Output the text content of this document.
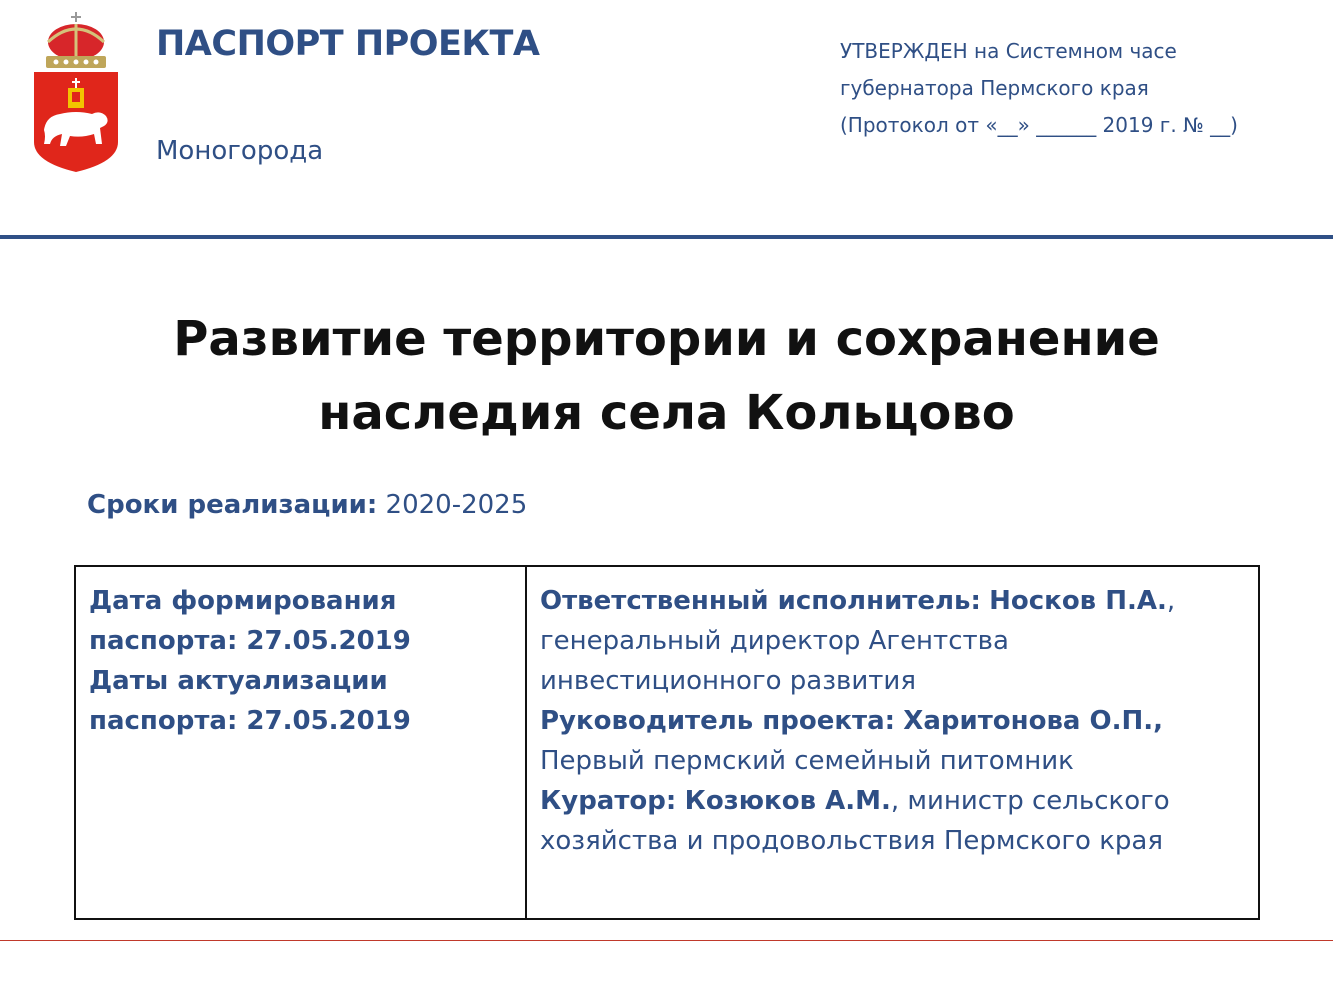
ПАСПОРТ ПРОЕКТА
Моногорода
УТВЕРЖДЕН на Системном часе
губернатора Пермского края
(Протокол от «__» ______ 2019 г. № __)
Развитие территории и сохранение
наследия села Кольцово
Сроки реализации: 2020-2025
Дата формирования
паспорта: 27.05.2019
Даты актуализации
паспорта: 27.05.2019
Ответственный исполнитель: Носков П.А.,
генеральный директор Агентства
инвестиционного развития
Руководитель проекта: Харитонова О.П.,
Первый пермский семейный питомник
Куратор: Козюков А.М., министр сельского
хозяйства и продовольствия Пермского края
